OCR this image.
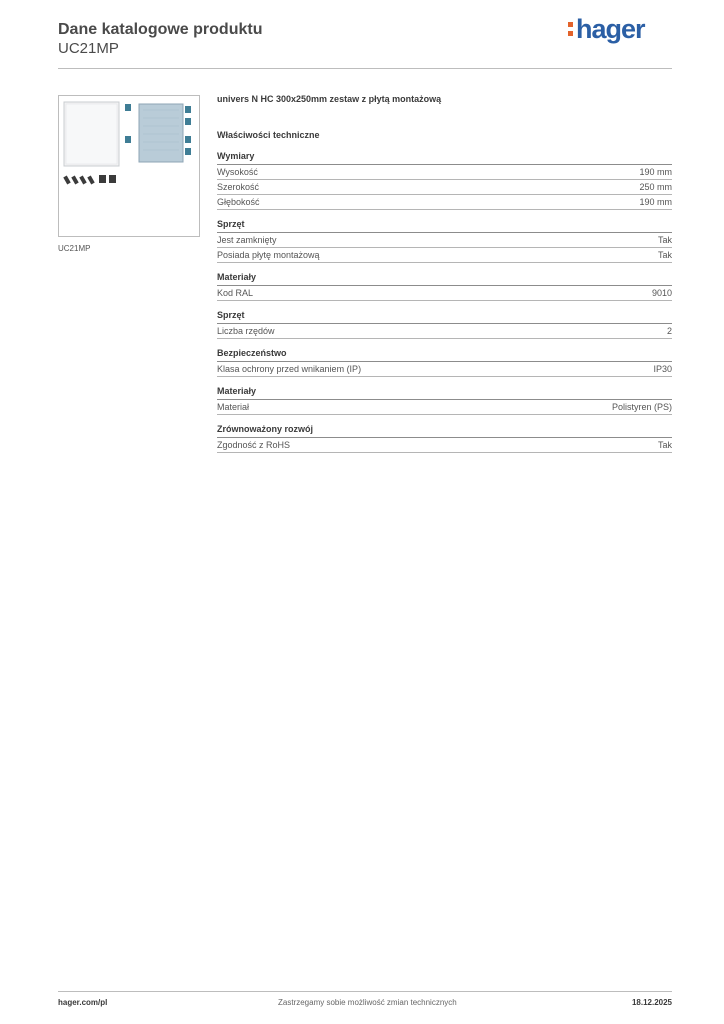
Dane katalogowe produktu
UC21MP
hager
UC21MP
univers N HC 300x250mm zestaw z płytą montażową
Właściwości techniczne
Wymiary
Wysokość	190 mm
Szerokość	250 mm
Głębokość	190 mm
Sprzęt
Jest zamknięty	Tak
Posiada płytę montażową	Tak
Materiały
Kod RAL	9010
Sprzęt
Liczba rzędów	2
Bezpieczeństwo
Klasa ochrony przed wnikaniem (IP)	IP30
Materiały
Materiał	Polistyren (PS)
Zrównoważony rozwój
Zgodność z RoHS	Tak
hager.com/pl	Zastrzegamy sobie możliwość zmian technicznych	18.12.2025
